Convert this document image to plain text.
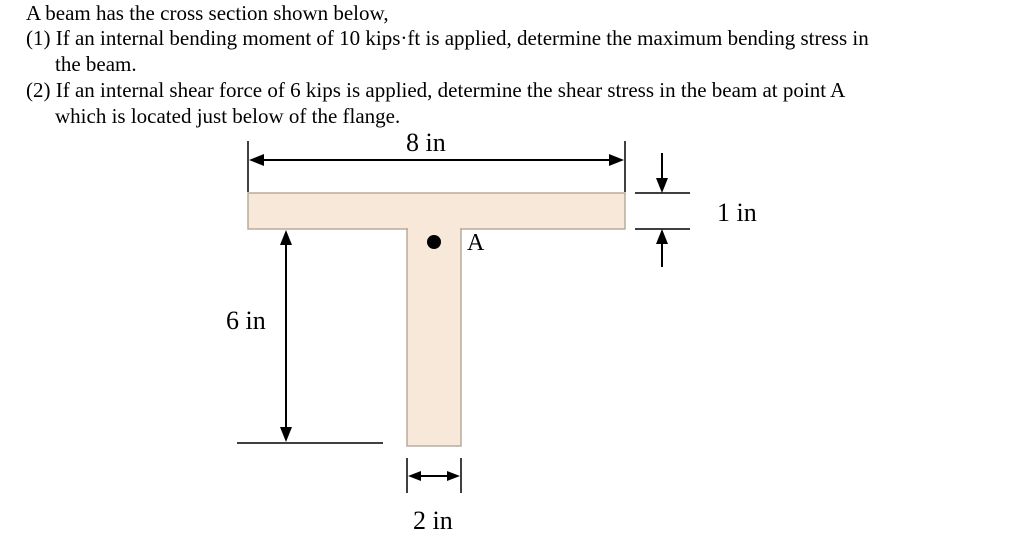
A beam has the cross section shown below,
(1) If an internal bending moment of 10 kips·ft is applied, determine the maximum bending stress in
the beam.
(2) If an internal shear force of 6 kips is applied, determine the shear stress in the beam at point A
which is located just below of the flange.
8 in
1 in
6 in
2 in
A
